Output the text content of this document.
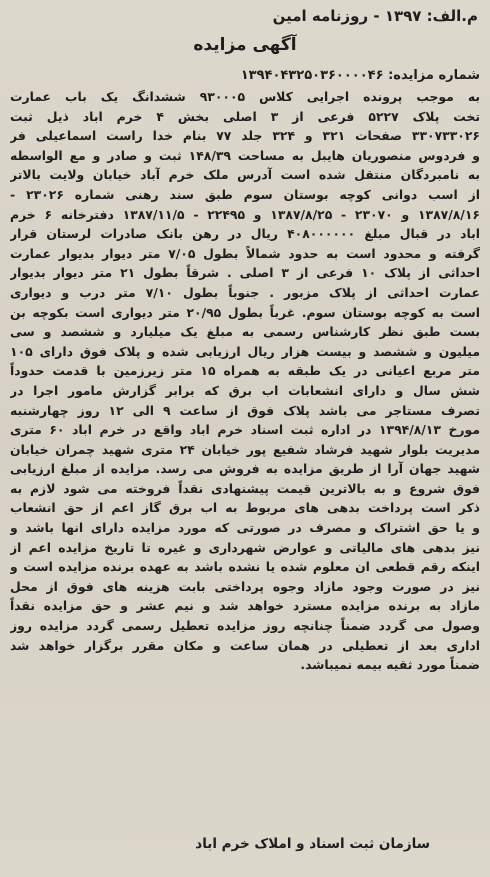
م.الف: ۱۳۹۷ - روزنامه امین
آگهی مزایده
شماره مزایده: ۱۳۹۴۰۴۳۲۵۰۳۶۰۰۰۰۴۶
به موجب پرونده اجرایی کلاس ۹۳۰۰۰۵ ششدانگ یک باب عمارت
تخت پلاک ۵۲۲۷ فرعی از ۳ اصلی بخش ۴ خرم اباد ذیل ثبت
۳۳۰۷۳۳۰۲۶ صفحات ۳۲۱ و ۳۲۴ جلد ۷۷ بنام خدا راست اسماعیلی فر
و فردوس منصوریان هایبل به مساحت ۱۴۸/۳۹ ثبت و صادر و مع الواسطه
به نامبردگان منتقل شده است آدرس ملک خرم آباد خیابان ولایت بالاتر
از اسب دوانی کوچه بوستان سوم طبق سند رهنی شماره ۲۳۰۲۶ -
۱۳۸۷/۸/۱۶ و ۲۳۰۷۰ - ۱۳۸۷/۸/۲۵ و ۲۲۴۹۵ - ۱۳۸۷/۱۱/۵ دفترخانه ۶ خرم
اباد در قبال مبلغ ۴۰۸۰۰۰۰۰۰ ریال در رهن بانک صادرات لرستان قرار
گرفته و محدود است به حدود شمالاً بطول ۷/۰۵ متر دیوار بدیوار عمارت
احداثی از پلاک ۱۰ فرعی از ۳ اصلی . شرقاً بطول ۲۱ متر دیوار بدیوار
عمارت احداثی از پلاک مزبور . جنوباً بطول ۷/۱۰ متر درب و دیواری
است به کوچه بوستان سوم. غرباً بطول ۲۰/۹۵ متر دیواری است بکوچه بن
بست طبق نظر کارشناس رسمی به مبلغ یک میلیارد و ششصد و سی
میلیون و ششصد و بیست هزار ریال ارزیابی شده و پلاک فوق دارای ۱۰۵
متر مربع اعیانی در یک طبقه به همراه ۱۵ متر زیرزمین با قدمت حدوداً
شش سال و دارای انشعابات اب برق که برابر گزارش مامور اجرا در
تصرف مستاجر می باشد پلاک فوق از ساعت ۹ الی ۱۲ روز چهارشنبه
مورخ ۱۳۹۴/۸/۱۳ در اداره ثبت اسناد خرم اباد واقع در خرم اباد ۶۰ متری
مدیریت بلوار شهید فرشاد شفیع پور خیابان ۲۴ متری شهید چمران خیابان
شهید جهان آرا از طریق مزایده به فروش می رسد. مزایده از مبلغ ارزیابی
فوق شروع و به بالاترین قیمت پیشنهادی نقداً فروخته می شود لازم به
ذکر است پرداخت بدهی های مربوط به اب برق گاز اعم از حق انشعاب
و یا حق اشتراک و مصرف در صورتی که مورد مزایده دارای انها باشد و
نیز بدهی های مالیاتی و عوارض شهرداری و غیره تا تاریخ مزایده اعم از
اینکه رقم قطعی ان معلوم شده یا نشده باشد به عهده برنده مزایده است و
نیز در صورت وجود مازاد وجوه پرداختی بابت هزینه های فوق از محل
مازاد به برنده مزایده مسترد خواهد شد و نیم عشر و حق مزایده نقداً
وصول می گردد ضمناً چنانچه روز مزایده تعطیل رسمی گردد مزایده روز
اداری بعد از تعطیلی در همان ساعت و مکان مقرر برگزار خواهد شد
ضمناً مورد ثقیه بیمه نمیباشد.
سازمان ثبت اسناد و املاک خرم اباد
